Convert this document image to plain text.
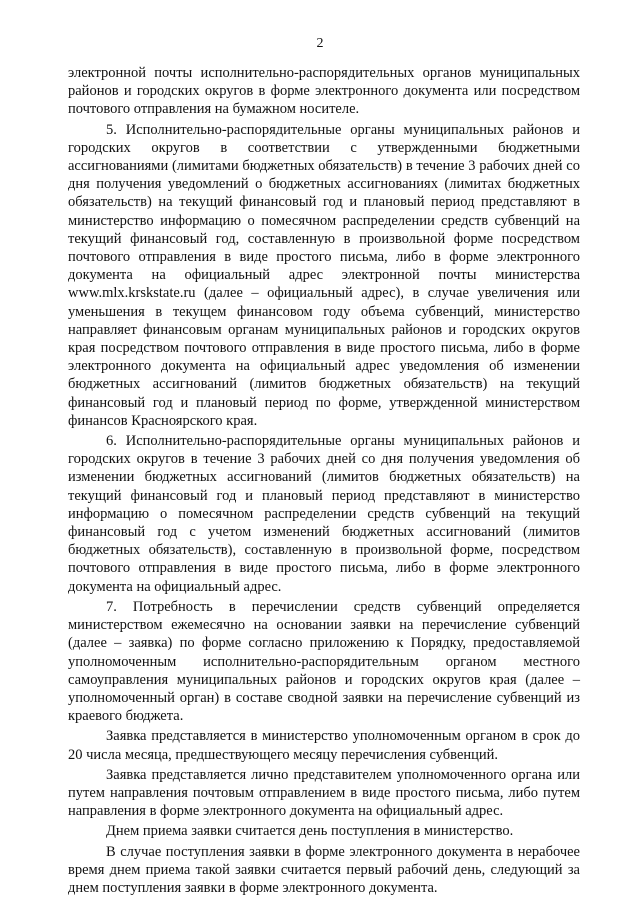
2

электронной почты исполнительно-распорядительных органов муниципальных районов и городских округов в форме электронного документа или посредством почтового отправления на бумажном носителе.

5. Исполнительно-распорядительные органы муниципальных районов и городских округов в соответствии с утвержденными бюджетными ассигнованиями (лимитами бюджетных обязательств) в течение 3 рабочих дней со дня получения уведомлений о бюджетных ассигнованиях (лимитах бюджетных обязательств) на текущий финансовый год и плановый период представляют в министерство информацию о помесячном распределении средств субвенций на текущий финансовый год, составленную в произвольной форме посредством почтового отправления в виде простого письма, либо в форме электронного документа на официальный адрес электронной почты министерства www.mlx.krskstate.ru (далее – официальный адрес), в случае увеличения или уменьшения в текущем финансовом году объема субвенций, министерство направляет финансовым органам муниципальных районов и городских округов края посредством почтового отправления в виде простого письма, либо в форме электронного документа на официальный адрес уведомления об изменении бюджетных ассигнований (лимитов бюджетных обязательств) на текущий финансовый год и плановый период по форме, утвержденной министерством финансов Красноярского края.

6. Исполнительно-распорядительные органы муниципальных районов и городских округов в течение 3 рабочих дней со дня получения уведомления об изменении бюджетных ассигнований (лимитов бюджетных обязательств) на текущий финансовый год и плановый период представляют в министерство информацию о помесячном распределении средств субвенций на текущий финансовый год с учетом изменений бюджетных ассигнований (лимитов бюджетных обязательств), составленную в произвольной форме, посредством почтового отправления в виде простого письма, либо в форме электронного документа на официальный адрес.

7. Потребность в перечислении средств субвенций определяется министерством ежемесячно на основании заявки на перечисление субвенций (далее – заявка) по форме согласно приложению к Порядку, предоставляемой уполномоченным исполнительно-распорядительным органом местного самоуправления муниципальных районов и городских округов края (далее – уполномоченный орган) в составе сводной заявки на перечисление субвенций из краевого бюджета.

Заявка представляется в министерство уполномоченным органом в срок до 20 числа месяца, предшествующего месяцу перечисления субвенций.

Заявка представляется лично представителем уполномоченного органа или путем направления почтовым отправлением в виде простого письма, либо путем направления в форме электронного документа на официальный адрес.

Днем приема заявки считается день поступления в министерство.

В случае поступления заявки в форме электронного документа в нерабочее время днем приема такой заявки считается первый рабочий день, следующий за днем поступления заявки в форме электронного документа.
